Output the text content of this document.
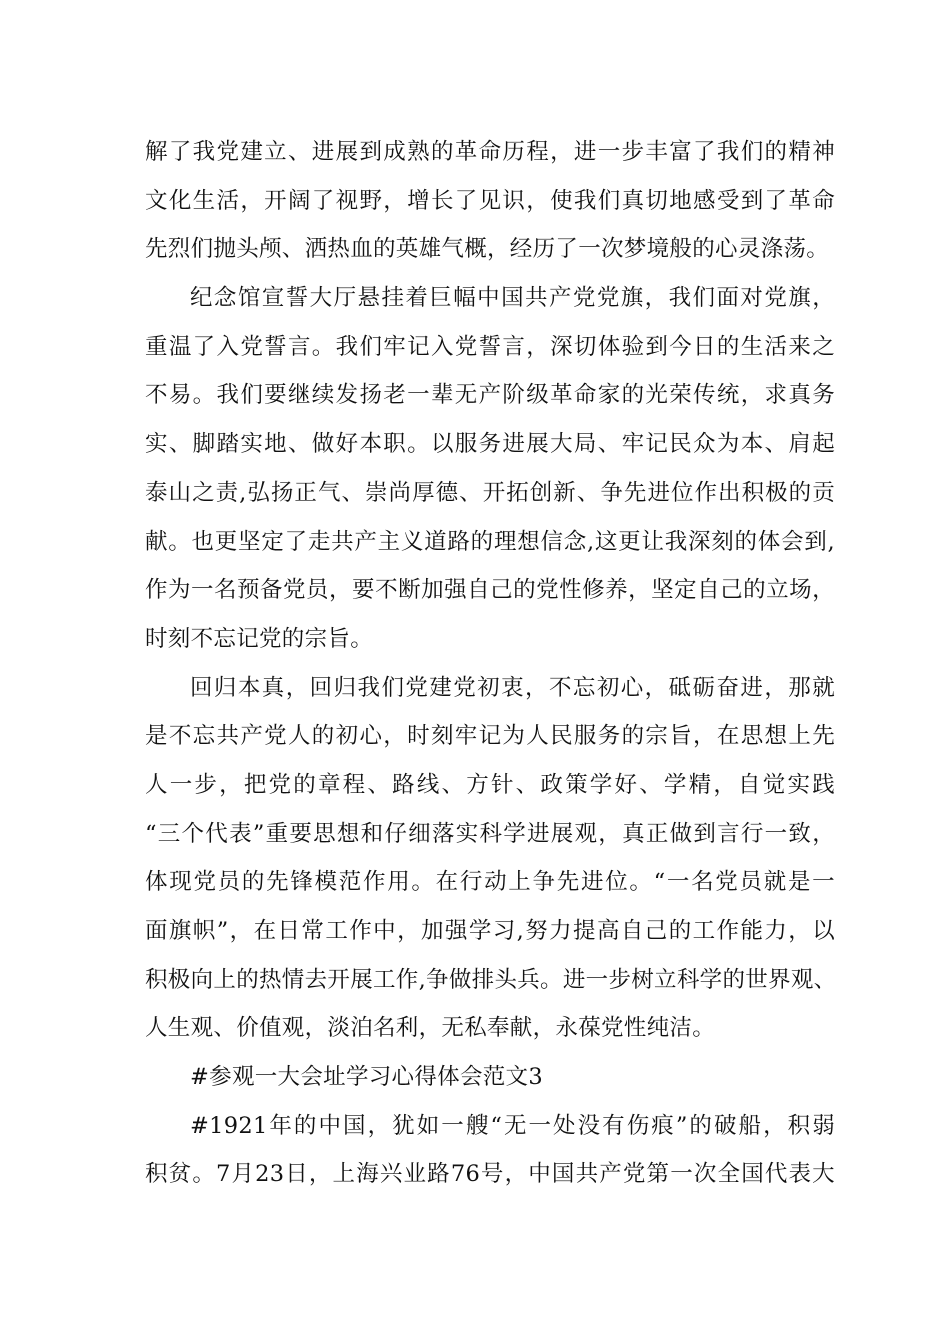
解了我党建立、进展到成熟的革命历程，进一步丰富了我们的精神
文化生活，开阔了视野，增长了见识，使我们真切地感受到了革命
先烈们抛头颅、洒热血的英雄气概，经历了一次梦境般的心灵涤荡。
纪念馆宣誓大厅悬挂着巨幅中国共产党党旗，我们面对党旗，
重温了入党誓言。我们牢记入党誓言，深切体验到今日的生活来之
不易。我们要继续发扬老一辈无产阶级革命家的光荣传统，求真务
实、脚踏实地、做好本职。以服务进展大局、牢记民众为本、肩起
泰山之责,弘扬正气、崇尚厚德、开拓创新、争先进位作出积极的贡
献。也更坚定了走共产主义道路的理想信念,这更让我深刻的体会到,
作为一名预备党员，要不断加强自己的党性修养，坚定自己的立场，
时刻不忘记党的宗旨。
回归本真，回归我们党建党初衷，不忘初心，砥砺奋进，那就
是不忘共产党人的初心，时刻牢记为人民服务的宗旨，在思想上先
人一步，把党的章程、路线、方针、政策学好、学精，自觉实践
“三个代表”重要思想和仔细落实科学进展观，真正做到言行一致，
体现党员的先锋模范作用。在行动上争先进位。“一名党员就是一
面旗帜”，在日常工作中，加强学习,努力提高自己的工作能力，以
积极向上的热情去开展工作,争做排头兵。进一步树立科学的世界观、
人生观、价值观，淡泊名利，无私奉献，永葆党性纯洁。
#参观一大会址学习心得体会范文3
#1921年的中国，犹如一艘“无一处没有伤痕”的破船，积弱
积贫。7月23日，上海兴业路76号，中国共产党第一次全国代表大
